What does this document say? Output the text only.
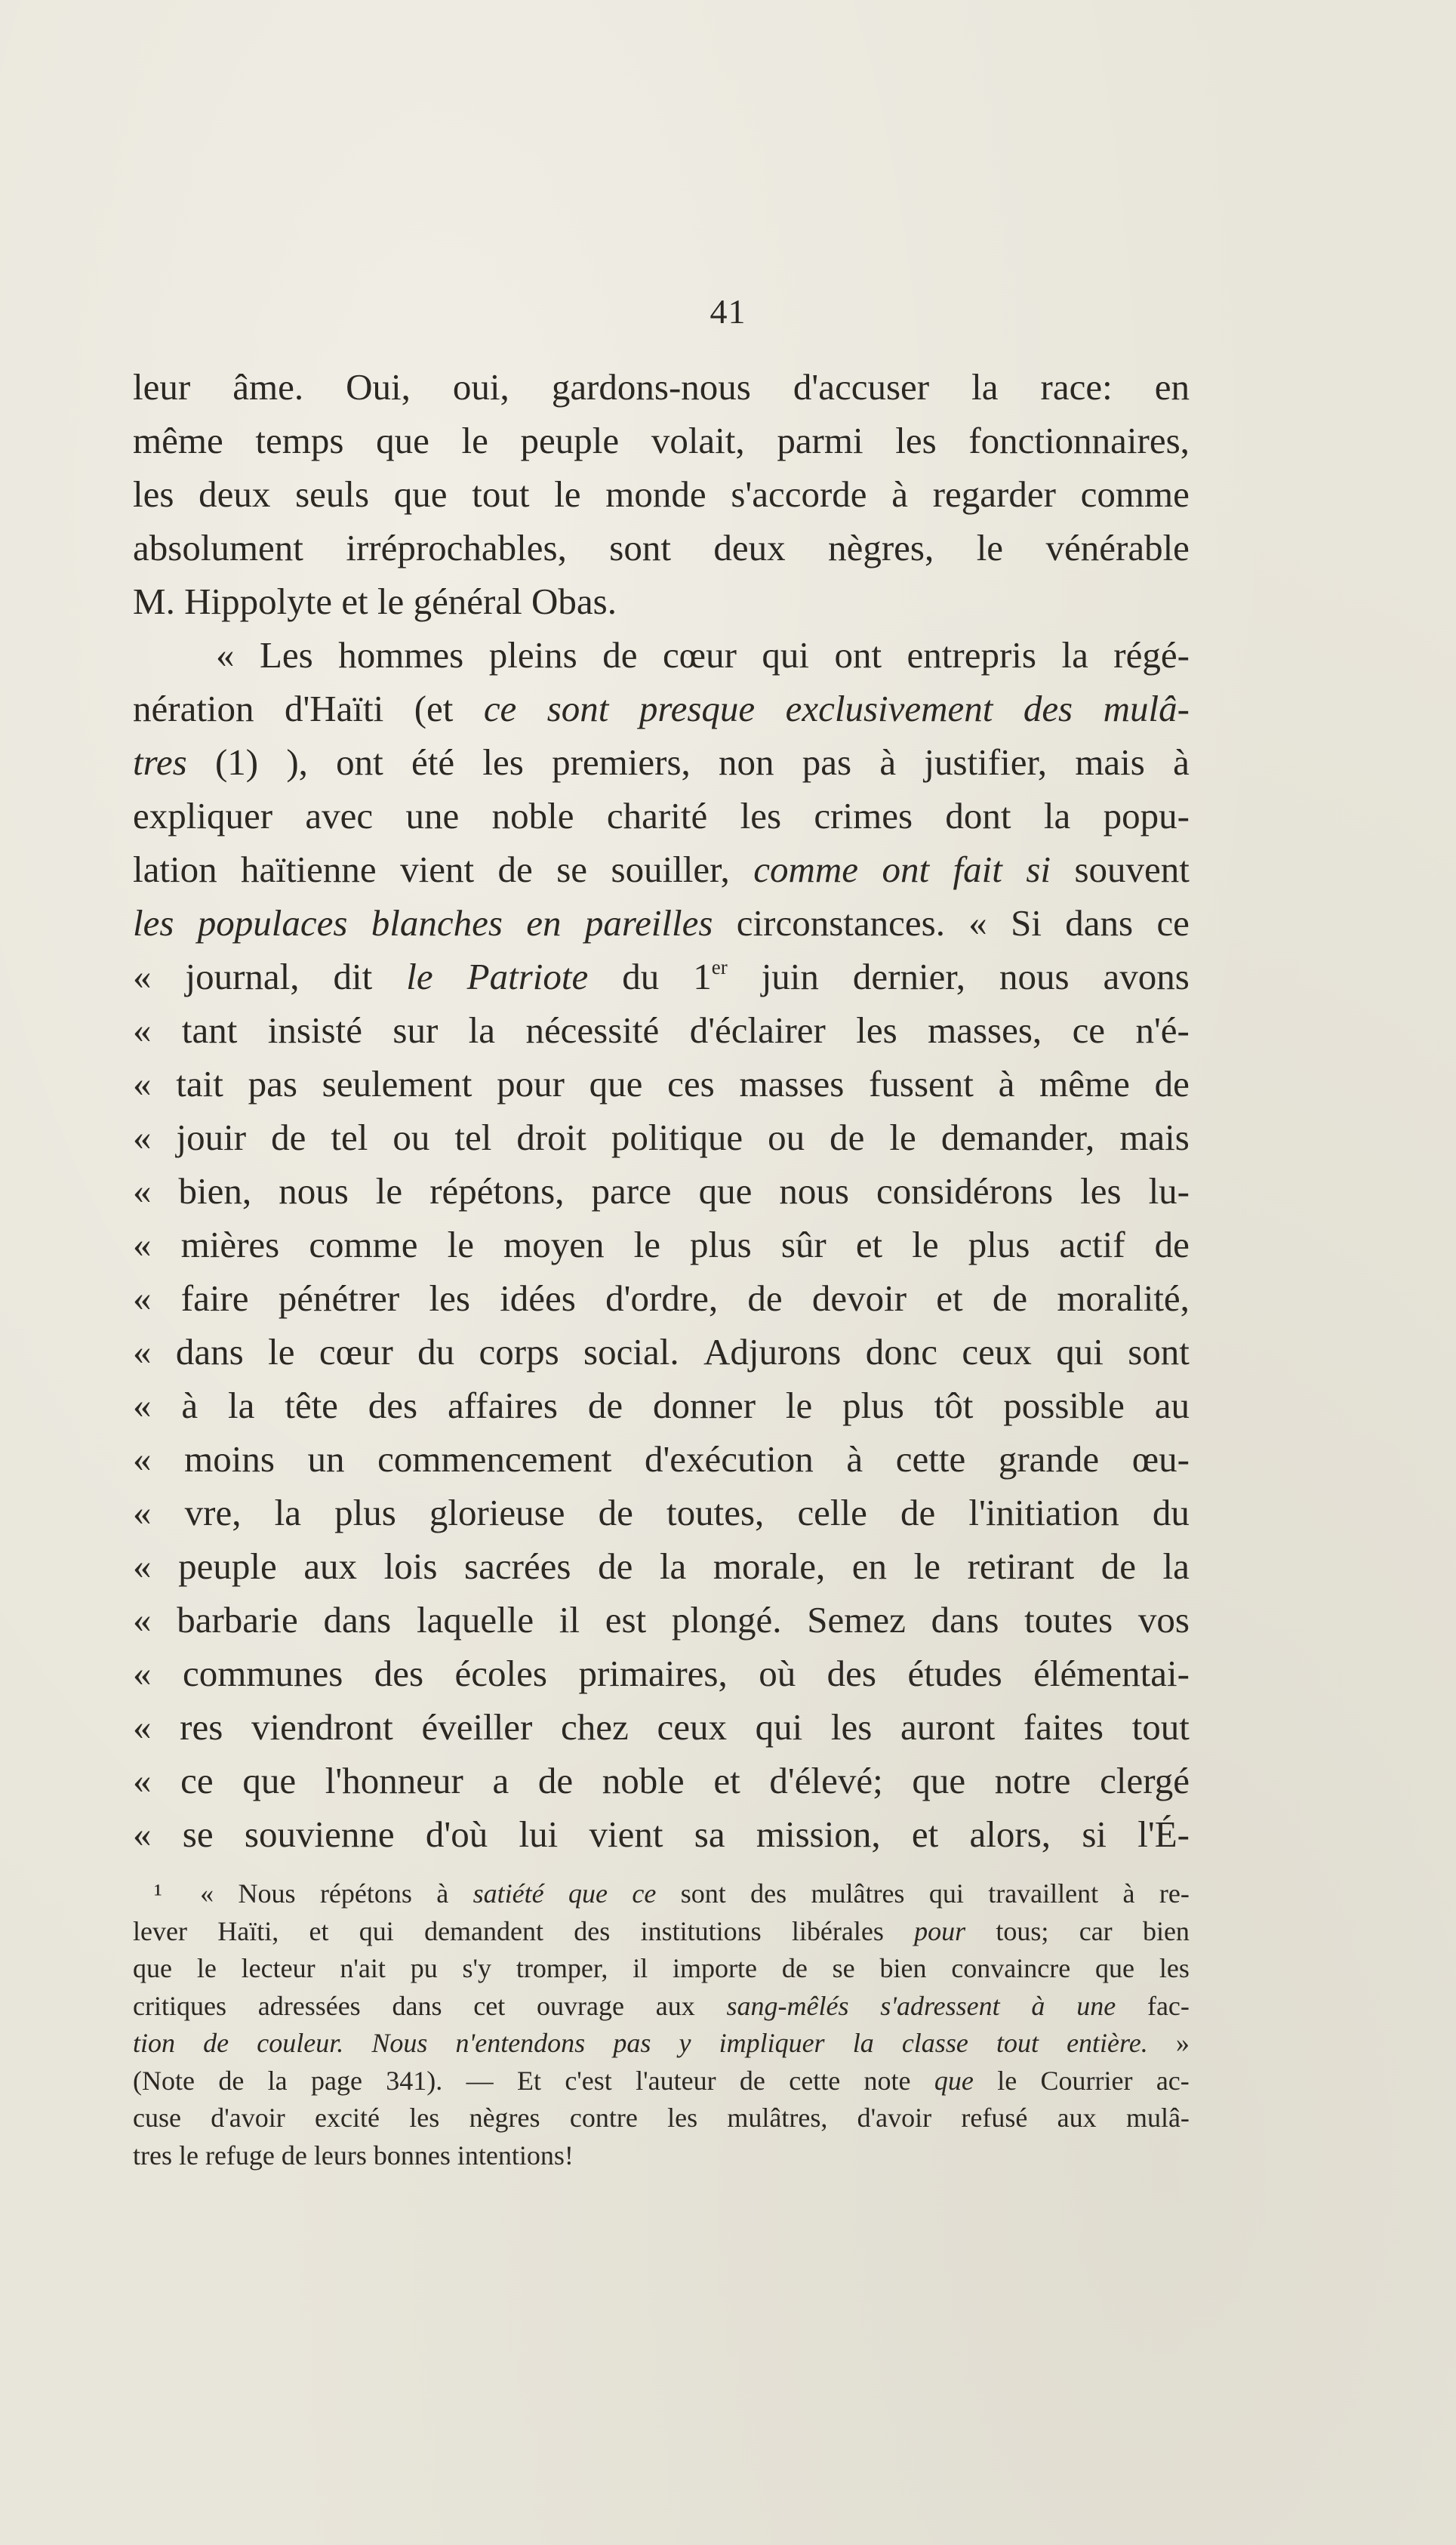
41
leur âme. Oui, oui, gardons-nous d'accuser la race: en
même temps que le peuple volait, parmi les fonctionnaires,
les deux seuls que tout le monde s'accorde à regarder comme
absolument irréprochables, sont deux nègres, le vénérable
M.
Hippolyte
et
le
général
Obas.
« Les hommes pleins de cœur qui ont entrepris la régé-
nération d'Haïti (et ce sont presque exclusivement des mulâ-
tres (1) ), ont été les premiers, non pas à justifier, mais à
expliquer avec une noble charité les crimes dont la popu-
lation haïtienne vient de se souiller, comme ont fait si souvent
les populaces blanches en pareilles circonstances. « Si dans ce
« journal, dit le Patriote du 1er juin dernier, nous avons
« tant insisté sur la nécessité d'éclairer les masses, ce n'é-
« tait pas seulement pour que ces masses fussent à même de
« jouir de tel ou tel droit politique ou de le demander, mais
« bien, nous le répétons, parce que nous considérons les lu-
« mières comme le moyen le plus sûr et le plus actif de
« faire pénétrer les idées d'ordre, de devoir et de moralité,
« dans le cœur du corps social. Adjurons donc ceux qui sont
« à la tête des affaires de donner le plus tôt possible au
« moins un commencement d'exécution à cette grande œu-
« vre, la plus glorieuse de toutes, celle de l'initiation du
« peuple aux lois sacrées de la morale, en le retirant de la
« barbarie dans laquelle il est plongé. Semez dans toutes vos
« communes des écoles primaires, où des études élémentai-
« res viendront éveiller chez ceux qui les auront faites tout
« ce que l'honneur a de noble et d'élevé; que notre clergé
« se souvienne d'où lui vient sa mission, et alors, si l'É-
¹ « Nous répétons à satiété que ce sont des mulâtres qui travaillent à re-
lever Haïti, et qui demandent des institutions libérales pour tous; car bien
que le lecteur n'ait pu s'y tromper, il importe de se bien convaincre que les
critiques adressées dans cet ouvrage aux sang-mêlés s'adressent à une fac-
tion de couleur. Nous n'entendons pas y impliquer la classe tout entière. »
(Note de la page 341). — Et c'est l'auteur de cette note que le Courrier ac-
cuse d'avoir excité les nègres contre les mulâtres, d'avoir refusé aux mulâ-
tres
le
refuge
de
leurs
bonnes
intentions!
